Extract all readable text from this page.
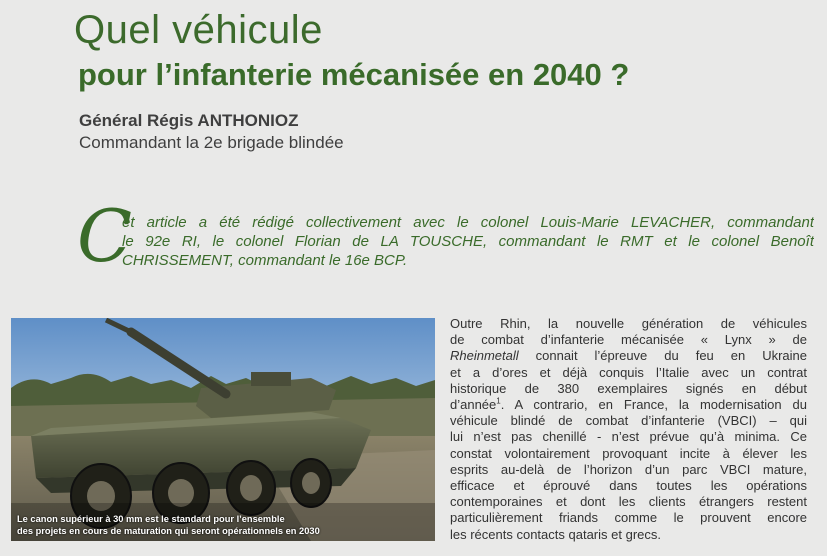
Quel véhicule
pour l’infanterie mécanisée en 2040 ?
Général Régis ANTHONIOZ
Commandant la 2e brigade blindée
C
et article a été rédigé collectivement avec le colonel Louis-Marie LEVACHER, commandant
le 92e RI, le colonel Florian de LA TOUSCHE, commandant le RMT et le colonel Benoît
CHRISSEMENT, commandant le 16e BCP.
Le canon supérieur à 30 mm est le standard pour l’ensemble
des projets en cours de maturation qui seront opérationnels en 2030
Outre Rhin, la nouvelle génération de véhicules
de combat d’infanterie mécanisée « Lynx » de
Rheinmetall connait l’épreuve du feu en Ukraine
et a d’ores et déjà conquis l’Italie avec un contrat
historique de 380 exemplaires signés en début
d’année$^1$. A contrario, en France, la modernisation du
véhicule blindé de combat d’infanterie (VBCI) – qui
lui n’est pas chenillé - n’est prévue qu’à minima. Ce
constat volontairement provoquant incite à élever les
esprits au-delà de l’horizon d’un parc VBCI mature,
efficace et éprouvé dans toutes les opérations
contemporaines et dont les clients étrangers restent
particulièrement friands comme le prouvent encore
les récents contacts qataris et grecs.
